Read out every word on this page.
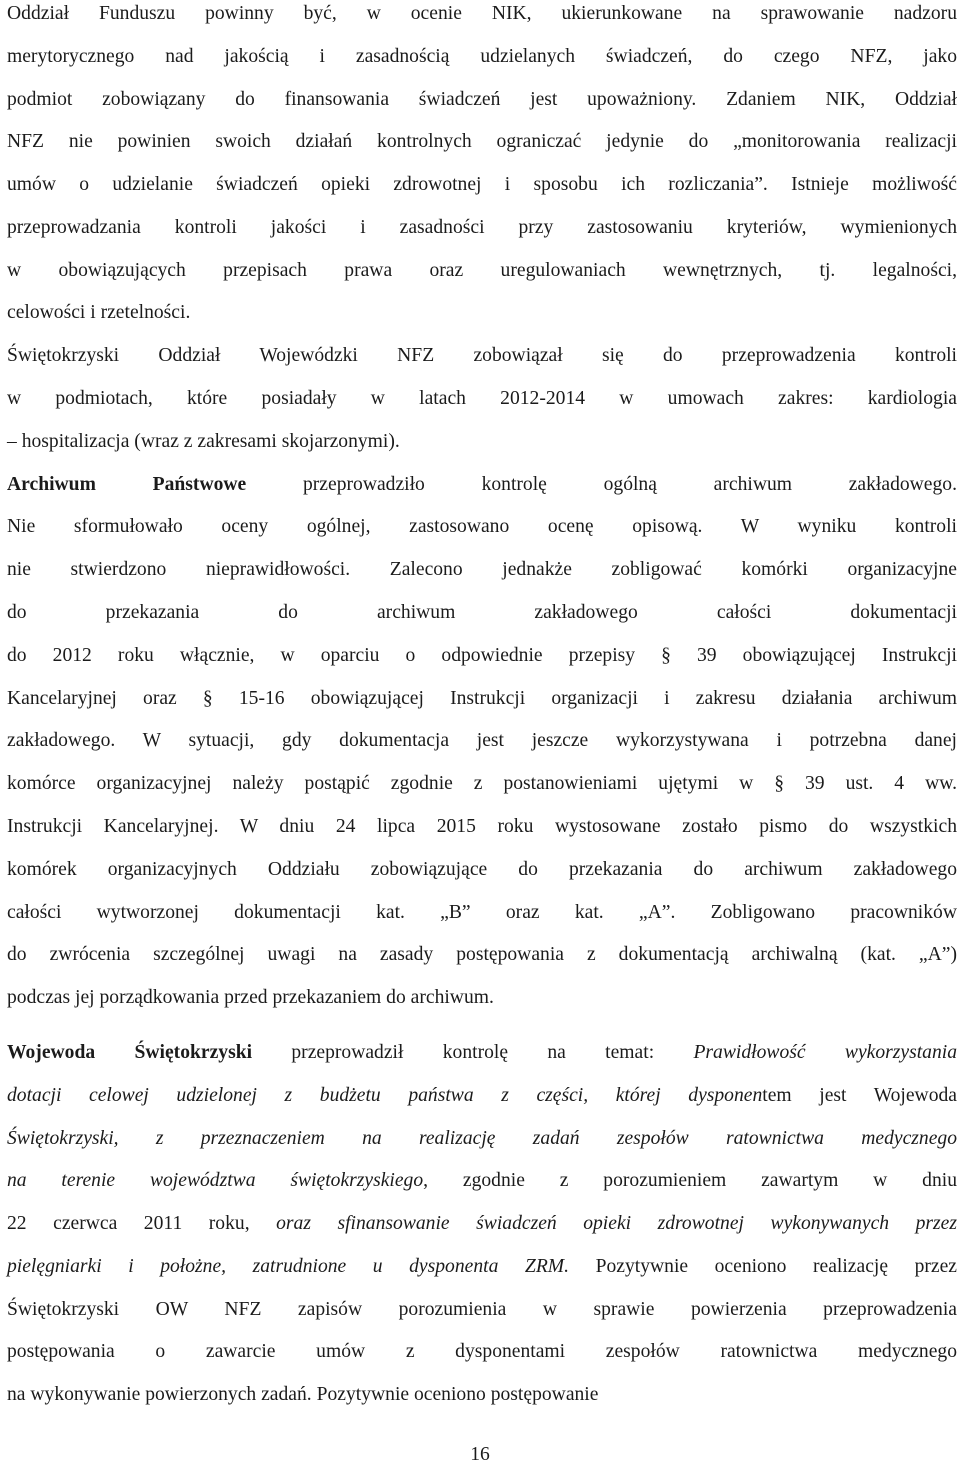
Oddział Funduszu powinny być, w ocenie NIK, ukierunkowane na sprawowanie nadzoru
merytorycznego nad jakością i zasadnością udzielanych świadczeń, do czego NFZ, jako
podmiot zobowiązany do finansowania świadczeń jest upoważniony. Zdaniem NIK, Oddział
NFZ nie powinien swoich działań kontrolnych ograniczać jedynie do „monitorowania realizacji
umów o udzielanie świadczeń opieki zdrowotnej i sposobu ich rozliczania”. Istnieje możliwość
przeprowadzania kontroli jakości i zasadności przy zastosowaniu kryteriów, wymienionych
w obowiązujących przepisach prawa oraz uregulowaniach wewnętrznych, tj. legalności,
celowości i rzetelności.
Świętokrzyski Oddział Wojewódzki NFZ zobowiązał się do przeprowadzenia kontroli
w podmiotach, które posiadały w latach 2012-2014 w umowach zakres: kardiologia
– hospitalizacja (wraz z zakresami skojarzonymi).
Archiwum Państwowe przeprowadziło kontrolę ogólną archiwum zakładowego.
Nie sformułowało oceny ogólnej, zastosowano ocenę opisową. W wyniku kontroli
nie stwierdzono nieprawidłowości. Zalecono jednakże zobligować komórki organizacyjne
do przekazania do archiwum zakładowego całości dokumentacji
do 2012 roku włącznie, w oparciu o odpowiednie przepisy § 39 obowiązującej Instrukcji
Kancelaryjnej oraz § 15-16 obowiązującej Instrukcji organizacji i zakresu działania archiwum
zakładowego. W sytuacji, gdy dokumentacja jest jeszcze wykorzystywana i potrzebna danej
komórce organizacyjnej należy postąpić zgodnie z postanowieniami ujętymi w § 39 ust. 4 ww.
Instrukcji Kancelaryjnej. W dniu 24 lipca 2015 roku wystosowane zostało pismo do wszystkich
komórek organizacyjnych Oddziału zobowiązujące do przekazania do archiwum zakładowego
całości wytworzonej dokumentacji kat. „B” oraz kat. „A”. Zobligowano pracowników
do zwrócenia szczególnej uwagi na zasady postępowania z dokumentacją archiwalną (kat. „A”)
podczas jej porządkowania przed przekazaniem do archiwum.
Wojewoda Świętokrzyski przeprowadził kontrolę na temat: Prawidłowość wykorzystania
dotacji celowej udzielonej z budżetu państwa z części, której dysponentem jest Wojewoda
Świętokrzyski, z przeznaczeniem na realizację zadań zespołów ratownictwa medycznego
na terenie województwa świętokrzyskiego, zgodnie z porozumieniem zawartym w dniu
22 czerwca 2011 roku, oraz sfinansowanie świadczeń opieki zdrowotnej wykonywanych przez
pielęgniarki i położne, zatrudnione u dysponenta ZRM. Pozytywnie oceniono realizację przez
Świętokrzyski OW NFZ zapisów porozumienia w sprawie powierzenia przeprowadzenia
postępowania o zawarcie umów z dysponentami zespołów ratownictwa medycznego
na wykonywanie powierzonych zadań. Pozytywnie oceniono postępowanie
16
